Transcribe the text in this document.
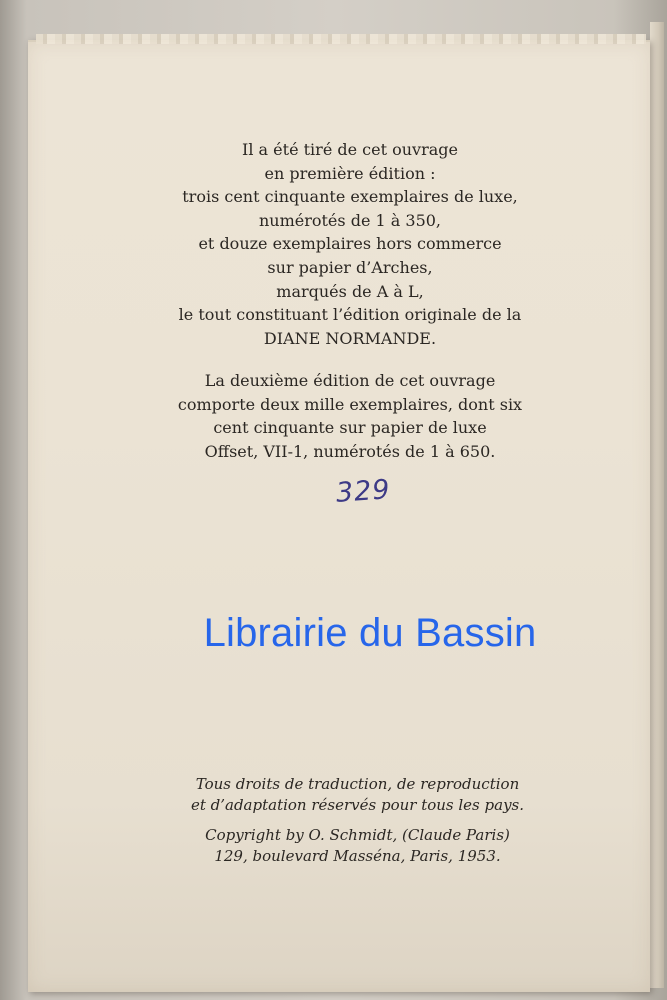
Il a été tiré de cet ouvrage
en première édition :
trois cent cinquante exemplaires de luxe,
numérotés de 1 à 350,
et douze exemplaires hors commerce
sur papier d’Arches,
marqués de A à L,
le tout constituant l’édition originale de la
DIANE NORMANDE.
La deuxième édition de cet ouvrage
comporte deux mille exemplaires, dont six
cent cinquante sur papier de luxe
Offset, VII-1, numérotés de 1 à 650.
329
Librairie du Bassin
Tous droits de traduction, de reproduction
et d’adaptation réservés pour tous les pays.
Copyright by O. Schmidt, (Claude Paris)
129, boulevard Masséna, Paris, 1953.
